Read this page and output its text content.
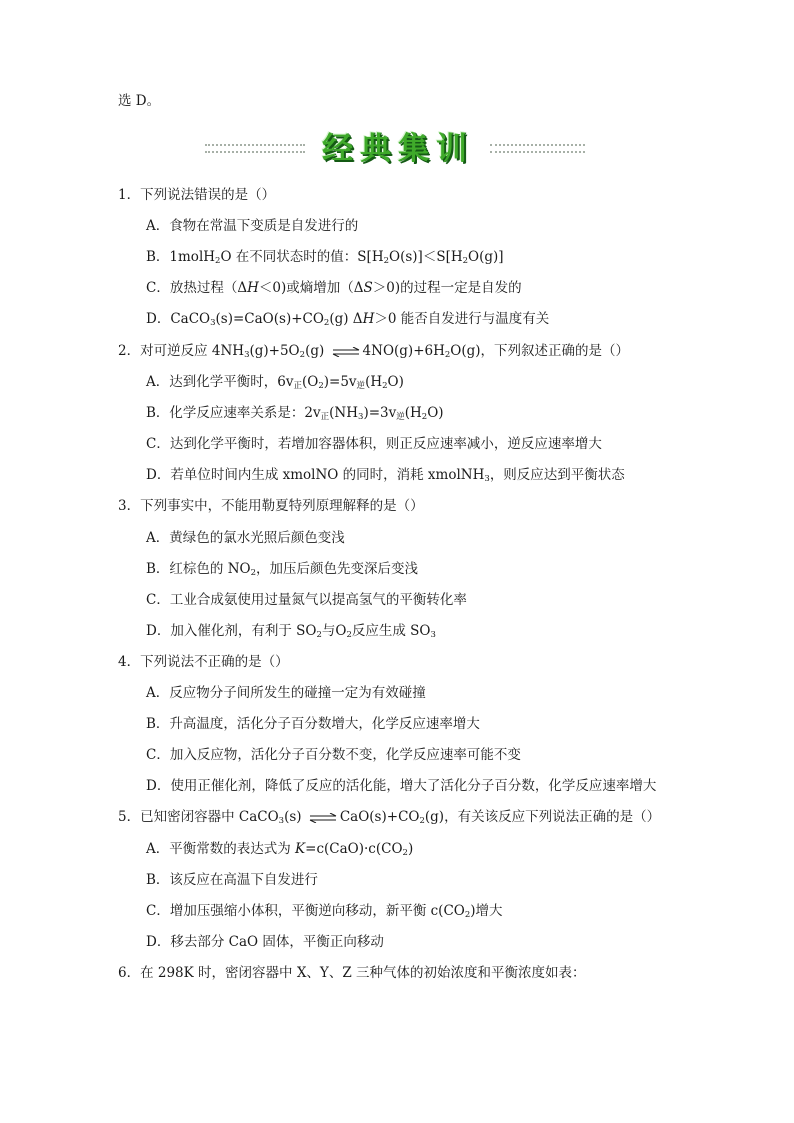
选 D。
经典集训
1．下列说法错误的是（）
A．食物在常温下变质是自发进行的
B．1molH$_2$O 在不同状态时的值：$S[H_2O(s)]<S[H_2O(g)]$
C．放热过程（ΔH＜0)或熵增加（ΔS＞0)的过程一定是自发的
D．$CaCO_3(s)=CaO(s)+CO_2(g)$ ΔH＞0 能否自发进行与温度有关
2．对可逆反应 $4NH_3(g)+5O_2(g)$ ⇌ $4NO(g)+6H_2O(g)$，下列叙述正确的是（）
A．达到化学平衡时，$6v_正(O_2)=5v_逆(H_2O)$
B．化学反应速率关系是：$2v_正(NH_3)=3v_逆(H_2O)$
C．达到化学平衡时，若增加容器体积，则正反应速率减小，逆反应速率增大
D．若单位时间内生成 xmolNO 的同时，消耗 xmolNH$_3$，则反应达到平衡状态
3．下列事实中，不能用勒夏特列原理解释的是（）
A．黄绿色的氯水光照后颜色变浅
B．红棕色的 $NO_2$，加压后颜色先变深后变浅
C．工业合成氨使用过量氮气以提高氢气的平衡转化率
D．加入催化剂，有利于 $SO_2$与$O_2$反应生成 $SO_3$
4．下列说法不正确的是（）
A．反应物分子间所发生的碰撞一定为有效碰撞
B．升高温度，活化分子百分数增大，化学反应速率增大
C．加入反应物，活化分子百分数不变，化学反应速率可能不变
D．使用正催化剂，降低了反应的活化能，增大了活化分子百分数，化学反应速率增大
5．已知密闭容器中 CaCO$_3$(s) ⇌ $CaO(s)+CO_2(g)$，有关该反应下列说法正确的是（）
A．平衡常数的表达式为 $K=c(CaO)\cdot c(CO_2)$
B．该反应在高温下自发进行
C．增加压强缩小体积，平衡逆向移动，新平衡 $c(CO_2)$增大
D．移去部分 CaO 固体，平衡正向移动
6．在 298K 时，密闭容器中 X、Y、Z 三种气体的初始浓度和平衡浓度如表：
